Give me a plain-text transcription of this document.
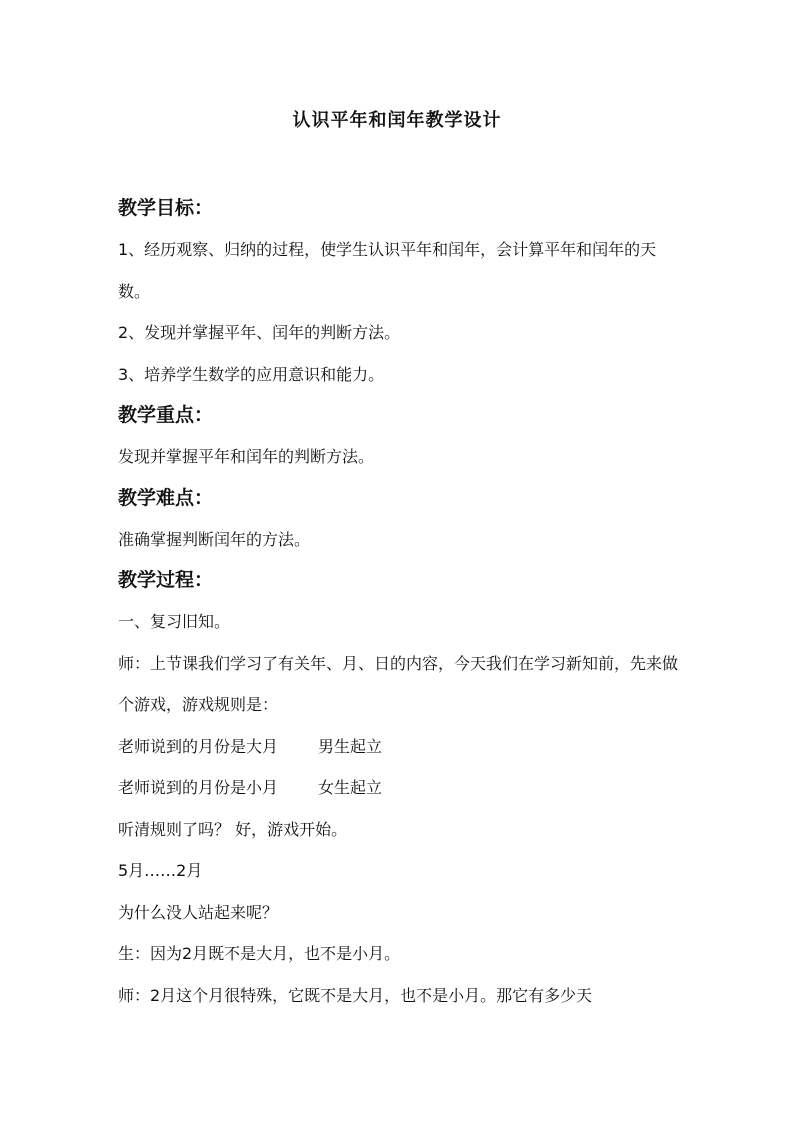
认识平年和闰年教学设计
教学目标：
1、经历观察、归纳的过程，使学生认识平年和闰年，会计算平年和闰年的天数。
2、发现并掌握平年、闰年的判断方法。
3、培养学生数学的应用意识和能力。
教学重点：
发现并掌握平年和闰年的判断方法。
教学难点：
准确掌握判断闰年的方法。
教学过程：
一、复习旧知。
师：上节课我们学习了有关年、月、日的内容，今天我们在学习新知前，先来做个游戏，游戏规则是：
老师说到的月份是大月	男生起立
老师说到的月份是小月	女生起立
听清规则了吗？ 好，游戏开始。
5月……2月
为什么没人站起来呢？
生：因为2月既不是大月，也不是小月。
师：2月这个月很特殊，它既不是大月，也不是小月。那它有多少天
